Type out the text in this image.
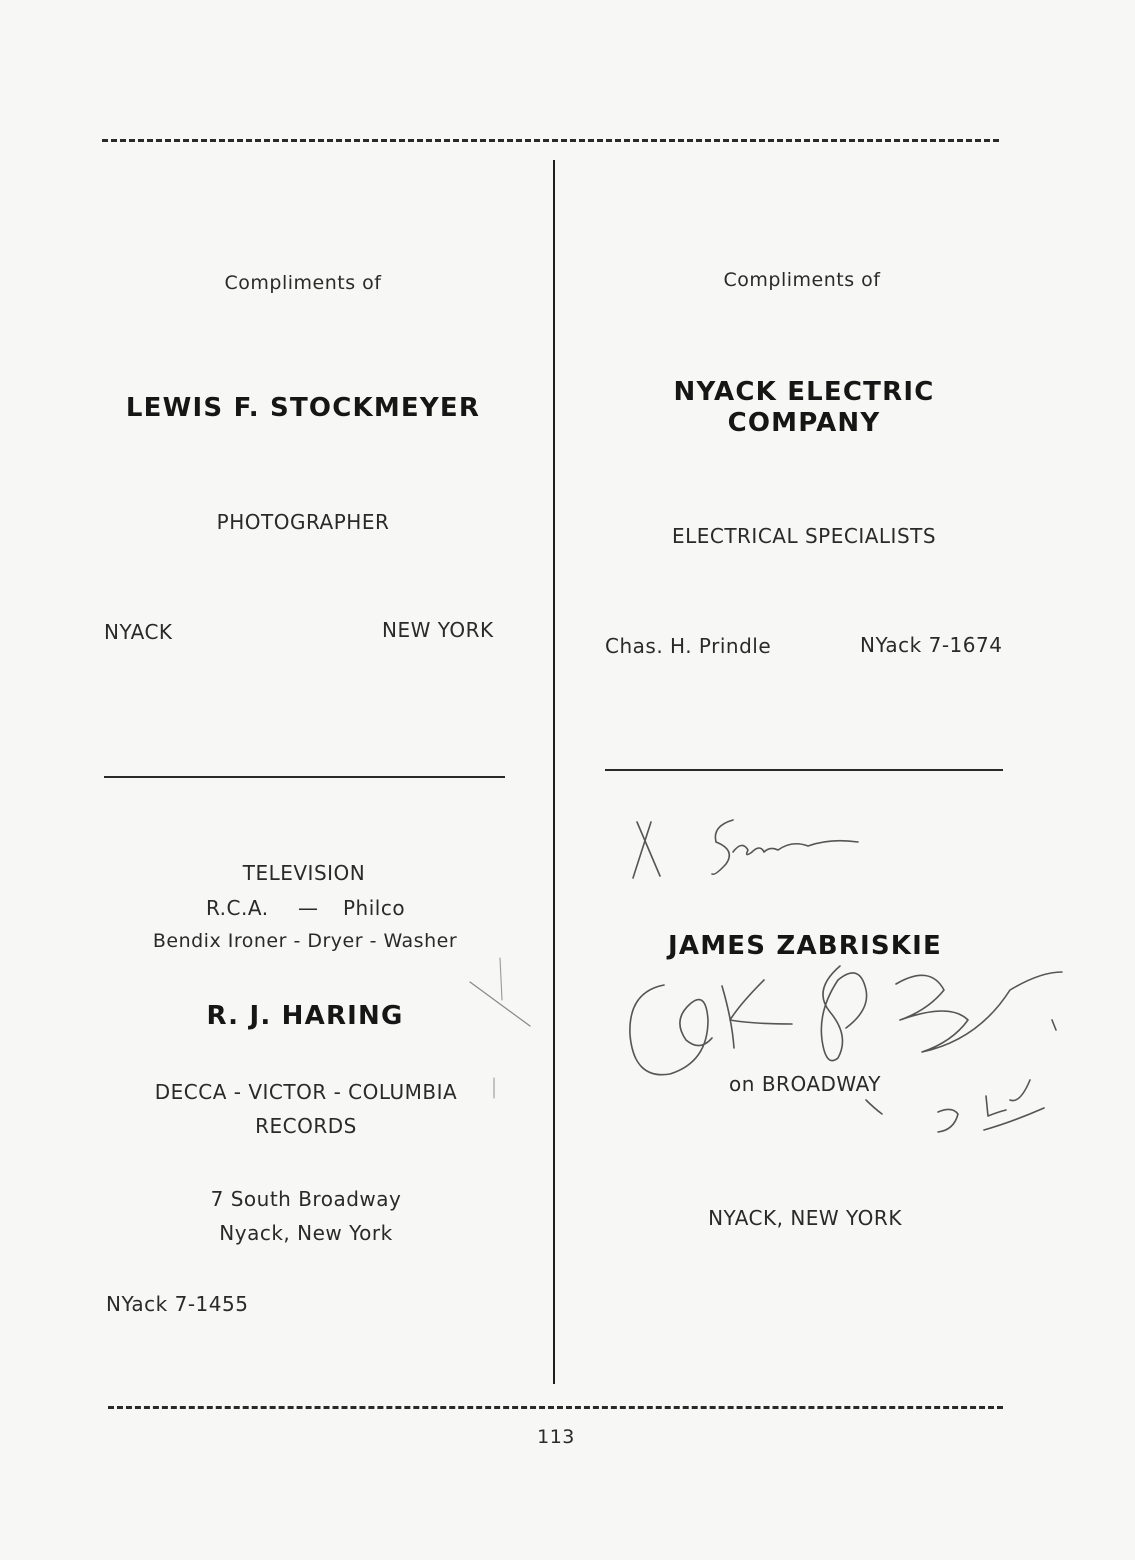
Compliments of
LEWIS F. STOCKMEYER
PHOTOGRAPHER
NYACK	NEW YORK
Compliments of
NYACK ELECTRIC
COMPANY
ELECTRICAL SPECIALISTS
Chas. H. Prindle	NYack 7-1674
TELEVISION
R.C.A. — Philco
Bendix Ironer - Dryer - Washer
R. J. HARING
DECCA - VICTOR - COLUMBIA
RECORDS
7 South Broadway
Nyack, New York
NYack 7-1455
JAMES ZABRISKIE
on BROADWAY
NYACK, NEW YORK
113
